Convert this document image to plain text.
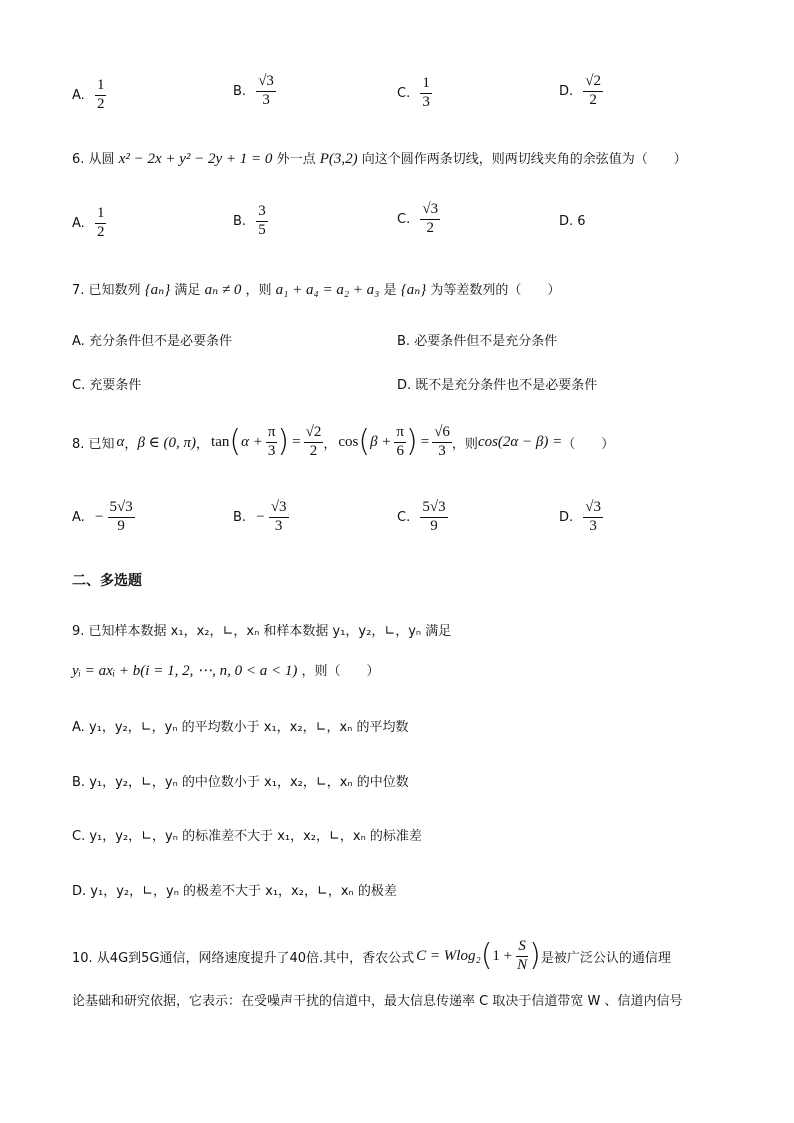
A. $\frac{1}{2}$	B. $\frac{√3}{3}$	C. $\frac{1}{3}$	D. $\frac{√2}{2}$
6. 从圆 x² − 2x + y² − 2y + 1 = 0 外一点 P(3,2) 向这个圆作两条切线，则两切线夹角的余弦值为（　　）
A. $\frac{1}{2}$	B. $\frac{3}{5}$	C. $\frac{√3}{2}$	D. 6
7. 已知数列 {aₙ} 满足 aₙ ≠ 0 ，则 a₁ + a₄ = a₂ + a₃ 是 {aₙ} 为等差数列的（　　）
A. 充分条件但不是必要条件	B. 必要条件但不是充分条件
C. 充要条件	D. 既不是充分条件也不是必要条件
8. 已知 α ， β ∈ (0, π) ， tan ( $\alpha + \frac{\pi}{3}$ ) = $\frac{√2}{2}$ ， cos ( $\beta + \frac{\pi}{6}$ ) = $\frac{√6}{3}$ ，则 cos(2α − β) = （　　）
A. − $\frac{5√3}{9}$	B. − $\frac{√3}{3}$	C. $\frac{5√3}{9}$	D. $\frac{√3}{3}$
二、多选题
9. 已知样本数据 x₁，x₂，∟，xₙ 和样本数据 y₁，y₂，∟，yₙ 满足
yᵢ = axᵢ + b(i = 1, 2, ⋯, n, 0 < a < 1) ，则（　　）
A. y₁，y₂，∟，yₙ 的平均数小于 x₁，x₂，∟，xₙ 的平均数
B. y₁，y₂，∟，yₙ 的中位数小于 x₁，x₂，∟，xₙ 的中位数
C. y₁，y₂，∟，yₙ 的标准差不大于 x₁，x₂，∟，xₙ 的标准差
D. y₁，y₂，∟，yₙ 的极差不大于 x₁，x₂，∟，xₙ 的极差
10. 从4G到5G通信，网络速度提升了40倍.其中，香农公式 C = Wlog₂ ( $1 + \frac{S}{N}$ ) 是被广泛公认的通信理
论基础和研究依据，它表示：在受噪声干扰的信道中，最大信息传递率 C 取决于信道带宽 W 、信道内信号
